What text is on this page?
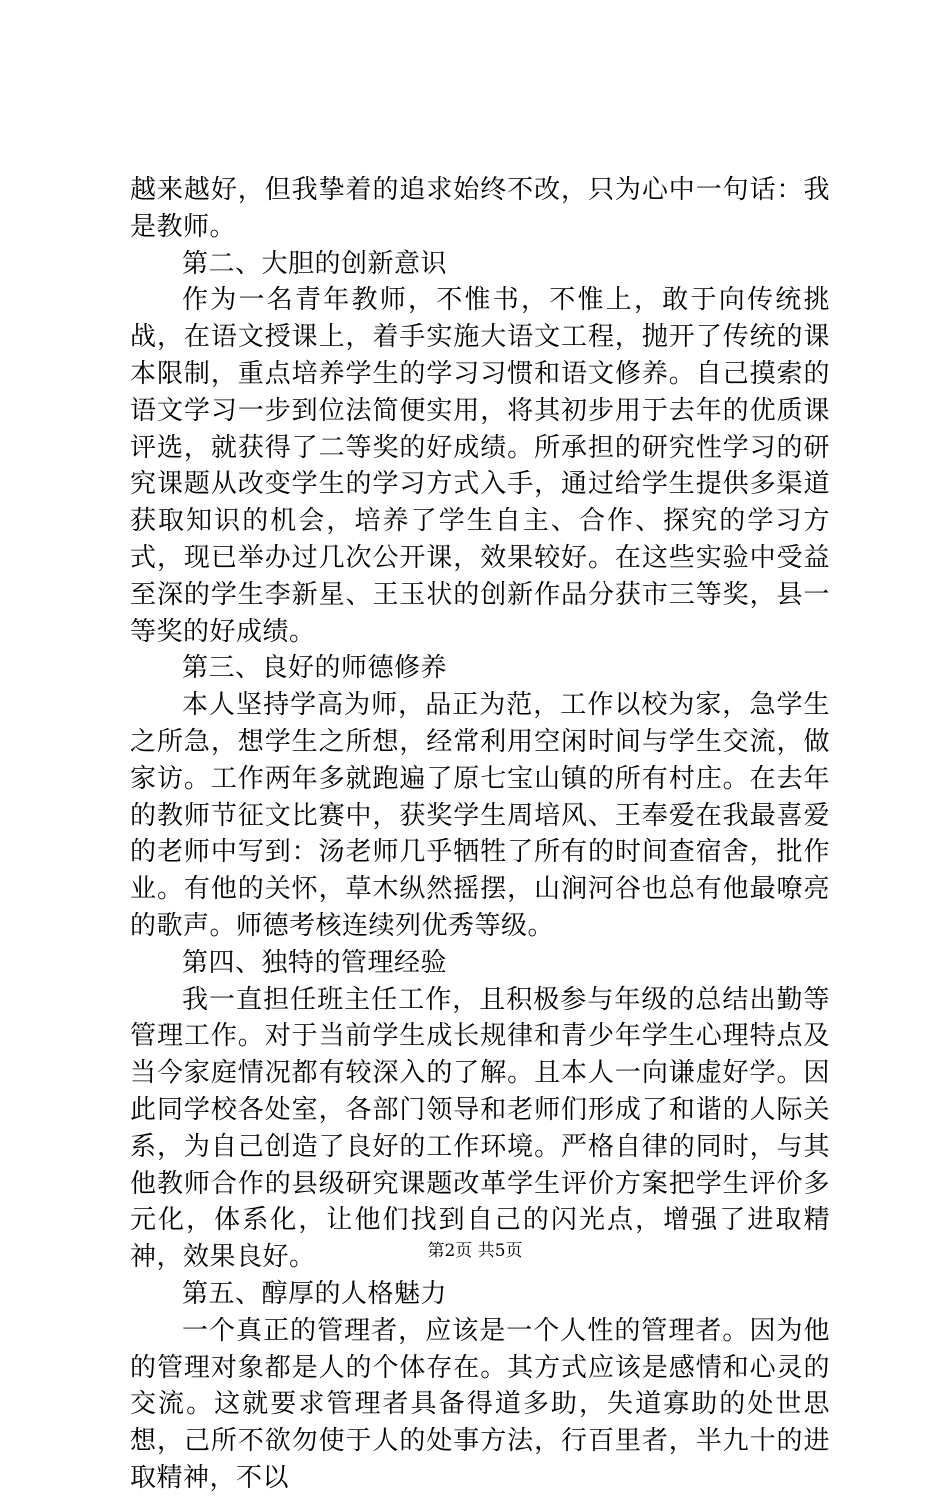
越来越好，但我挚着的追求始终不改，只为心中一句话：我是教师。

第二、大胆的创新意识

作为一名青年教师，不惟书，不惟上，敢于向传统挑战，在语文授课上，着手实施大语文工程，抛开了传统的课本限制，重点培养学生的学习习惯和语文修养。自己摸索的语文学习一步到位法简便实用，将其初步用于去年的优质课评选，就获得了二等奖的好成绩。所承担的研究性学习的研究课题从改变学生的学习方式入手，通过给学生提供多渠道获取知识的机会，培养了学生自主、合作、探究的学习方式，现已举办过几次公开课，效果较好。在这些实验中受益至深的学生李新星、王玉状的创新作品分获市三等奖，县一等奖的好成绩。

第三、良好的师德修养

本人坚持学高为师，品正为范，工作以校为家，急学生之所急，想学生之所想，经常利用空闲时间与学生交流，做家访。工作两年多就跑遍了原七宝山镇的所有村庄。在去年的教师节征文比赛中，获奖学生周培风、王奉爱在我最喜爱的老师中写到：汤老师几乎牺牲了所有的时间查宿舍，批作业。有他的关怀，草木纵然摇摆，山涧河谷也总有他最嘹亮的歌声。师德考核连续列优秀等级。

第四、独特的管理经验

我一直担任班主任工作，且积极参与年级的总结出勤等管理工作。对于当前学生成长规律和青少年学生心理特点及当今家庭情况都有较深入的了解。且本人一向谦虚好学。因此同学校各处室，各部门领导和老师们形成了和谐的人际关系，为自己创造了良好的工作环境。严格自律的同时，与其他教师合作的县级研究课题改革学生评价方案把学生评价多元化，体系化，让他们找到自己的闪光点，增强了进取精神，效果良好。

第五、醇厚的人格魅力

一个真正的管理者，应该是一个人性的管理者。因为他的管理对象都是人的个体存在。其方式应该是感情和心灵的交流。这就要求管理者具备得道多助，失道寡助的处世思想，己所不欲勿使于人的处事方法，行百里者，半九十的进取精神，不以

第2页 共5页
